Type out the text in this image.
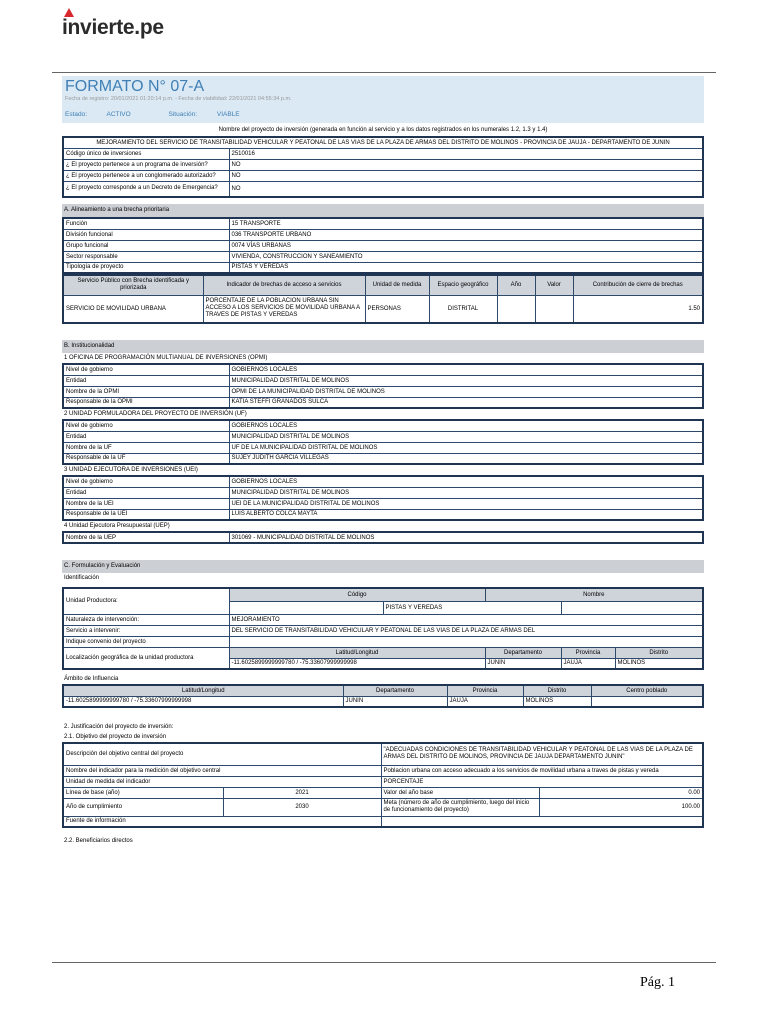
invierte.pe
FORMATO N° 07-A
Fecha de registro: 20/01/2021 01:20:14 p.m. - Fecha de viabilidad: 22/01/2021 04:55:34 p.m.
Estado:	ACTIVO	Situación:	VIABLE
Nombre del proyecto de inversión (generada en función al servicio y a los datos registrados en los numerales 1.2, 1.3 y 1.4)
MEJORAMIENTO DEL SERVICIO DE TRANSITABILIDAD VEHICULAR Y PEATONAL DE LAS VIAS DE LA PLAZA DE ARMAS DEL DISTRITO DE MOLINOS - PROVINCIA DE JAUJA - DEPARTAMENTO DE JUNIN	
Código único de inversiones	2510016
¿ El proyecto pertenece a un programa de inversión?	NO
¿ El proyecto pertenece a un conglomerado autorizado?	NO
¿ El proyecto corresponde a un Decreto de Emergencia?	NO
A. Alineamiento a una brecha prioritaria
Función	15 TRANSPORTE
División funcional	036 TRANSPORTE URBANO
Grupo funcional	0074 VÍAS URBANAS
Sector responsable	VIVIENDA, CONSTRUCCION Y SANEAMIENTO
Tipología de proyecto	PISTAS Y VEREDAS
Servicio Público con Brecha identificada y priorizada	Indicador de brechas de acceso a servicios	Unidad de medida	Espacio geográfico	Año	Valor	Contribución de cierre de brechas
SERVICIO DE MOVILIDAD URBANA	PORCENTAJE DE LA POBLACION URBANA SIN ACCESO A LOS SERVICIOS DE MOVILIDAD URBANA A TRAVES DE PISTAS Y VEREDAS	PERSONAS	DISTRITAL			1.50
B. Institucionalidad
1 OFICINA DE PROGRAMACIÓN MULTIANUAL DE INVERSIONES (OPMI)
Nivel de gobierno	GOBIERNOS LOCALES
Entidad	MUNICIPALIDAD DISTRITAL DE MOLINOS
Nombre de la OPMI	OPMI DE LA MUNICIPALIDAD DISTRITAL DE MOLINOS
Responsable de la OPMI	KATIA STEFFI GRANADOS SULCA
2 UNIDAD FORMULADORA DEL PROYECTO DE INVERSIÓN (UF)
Nivel de gobierno	GOBIERNOS LOCALES
Entidad	MUNICIPALIDAD DISTRITAL DE MOLINOS
Nombre de la UF	UF DE LA MUNICIPALIDAD DISTRITAL DE MOLINOS
Responsable de la UF	SUJEY JUDITH GARCIA VILLEGAS
3 UNIDAD EJECUTORA DE INVERSIONES (UEI)
Nivel de gobierno	GOBIERNOS LOCALES
Entidad	MUNICIPALIDAD DISTRITAL DE MOLINOS
Nombre de la UEI	UEI DE LA MUNICIPALIDAD DISTRITAL DE MOLINOS
Responsable de la UEI	LUIS ALBERTO COLCA MAYTA
4 Unidad Ejecutora Presupuestal (UEP)
Nombre de la UEP	301069 - MUNICIPALIDAD DISTRITAL DE MOLINOS
C. Formulación y Evaluación
Identificación
Unidad Productora:	Código		Nombre		
		PISTAS Y VEREDAS			
Naturaleza de intervención:	MEJORAMIENTO				
Servicio a intervenir:	DEL SERVICIO DE TRANSITABILIDAD VEHICULAR Y PEATONAL DE LAS VIAS DE LA PLAZA DE ARMAS DEL				
Indique convenio del proyecto					
Localización geográfica de la unidad productora	Latitud/Longitud		Departamento	Provincia	Distrito
	-11.6025899999999780 / -75.33607999999998		JUNIN	JAUJA	MOLINOS
Ámbito de Influencia
Latitud/Longitud	Departamento	Provincia	Distrito	Centro poblado
-11.6025899999999780 / -75.33607999999998	JUNIN	JAUJA	MOLINOS	
2. Justificación del proyecto de inversión:
2.1. Objetivo del proyecto de inversión
Descripción del objetivo central del proyecto		"ADECUADAS CONDICIONES DE TRANSITABILIDAD VEHICULAR Y PEATONAL DE LAS VIAS DE LA PLAZA DE ARMAS DEL DISTRITO DE MOLINOS, PROVINCIA DE JAUJA DEPARTAMENTO JUNIN"	
Nombre del indicador para la medición del objetivo central		Poblacion urbana con acceso adecuado a los servicios de movilidad urbana a traves de pistas y vereda	
Unidad de medida del indicador		PORCENTAJE	
Línea de base (año)	2021	Valor del año base	0.00
Año de cumplimiento	2030	Meta (número de año de cumplimiento, luego del inicio de funcionamiento del proyecto)	100.00
Fuente de información			
2.2. Beneficiarios directos
Pág. 1
